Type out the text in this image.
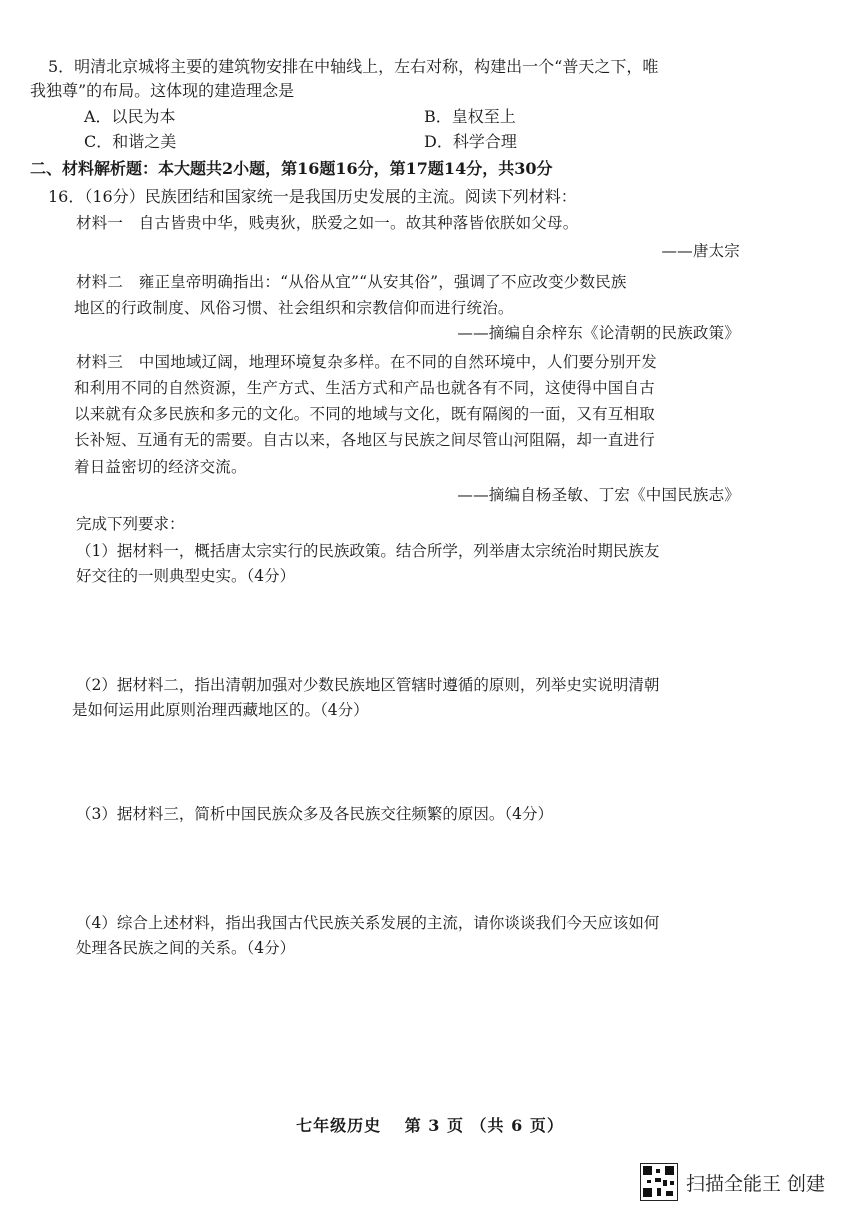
5．明清北京城将主要的建筑物安排在中轴线上，左右对称，构建出一个“普天之下，唯
我独尊”的布局。这体现的建造理念是
A．以民为本	B．皇权至上
C．和谐之美	D．科学合理
二、材料解析题：本大题共2小题，第16题16分，第17题14分，共30分
16．（16分）民族团结和国家统一是我国历史发展的主流。阅读下列材料：
材料一　自古皆贵中华，贱夷狄，朕爱之如一。故其种落皆依朕如父母。
——唐太宗
材料二　雍正皇帝明确指出：“从俗从宜”“从安其俗”，强调了不应改变少数民族
地区的行政制度、风俗习惯、社会组织和宗教信仰而进行统治。
——摘编自余梓东《论清朝的民族政策》
材料三　中国地域辽阔，地理环境复杂多样。在不同的自然环境中，人们要分别开发
和利用不同的自然资源，生产方式、生活方式和产品也就各有不同，这使得中国自古
以来就有众多民族和多元的文化。不同的地域与文化，既有隔阂的一面，又有互相取
长补短、互通有无的需要。自古以来，各地区与民族之间尽管山河阻隔，却一直进行
着日益密切的经济交流。
——摘编自杨圣敏、丁宏《中国民族志》
完成下列要求：
（1）据材料一，概括唐太宗实行的民族政策。结合所学，列举唐太宗统治时期民族友
好交往的一则典型史实。（4分）
（2）据材料二，指出清朝加强对少数民族地区管辖时遵循的原则，列举史实说明清朝
是如何运用此原则治理西藏地区的。（4分）
（3）据材料三，简析中国民族众多及各民族交往频繁的原因。（4分）
（4）综合上述材料，指出我国古代民族关系发展的主流，请你谈谈我们今天应该如何
处理各民族之间的关系。（4分）
七年级历史　 第 3 页 （共 6 页）
扫描全能王 创建
